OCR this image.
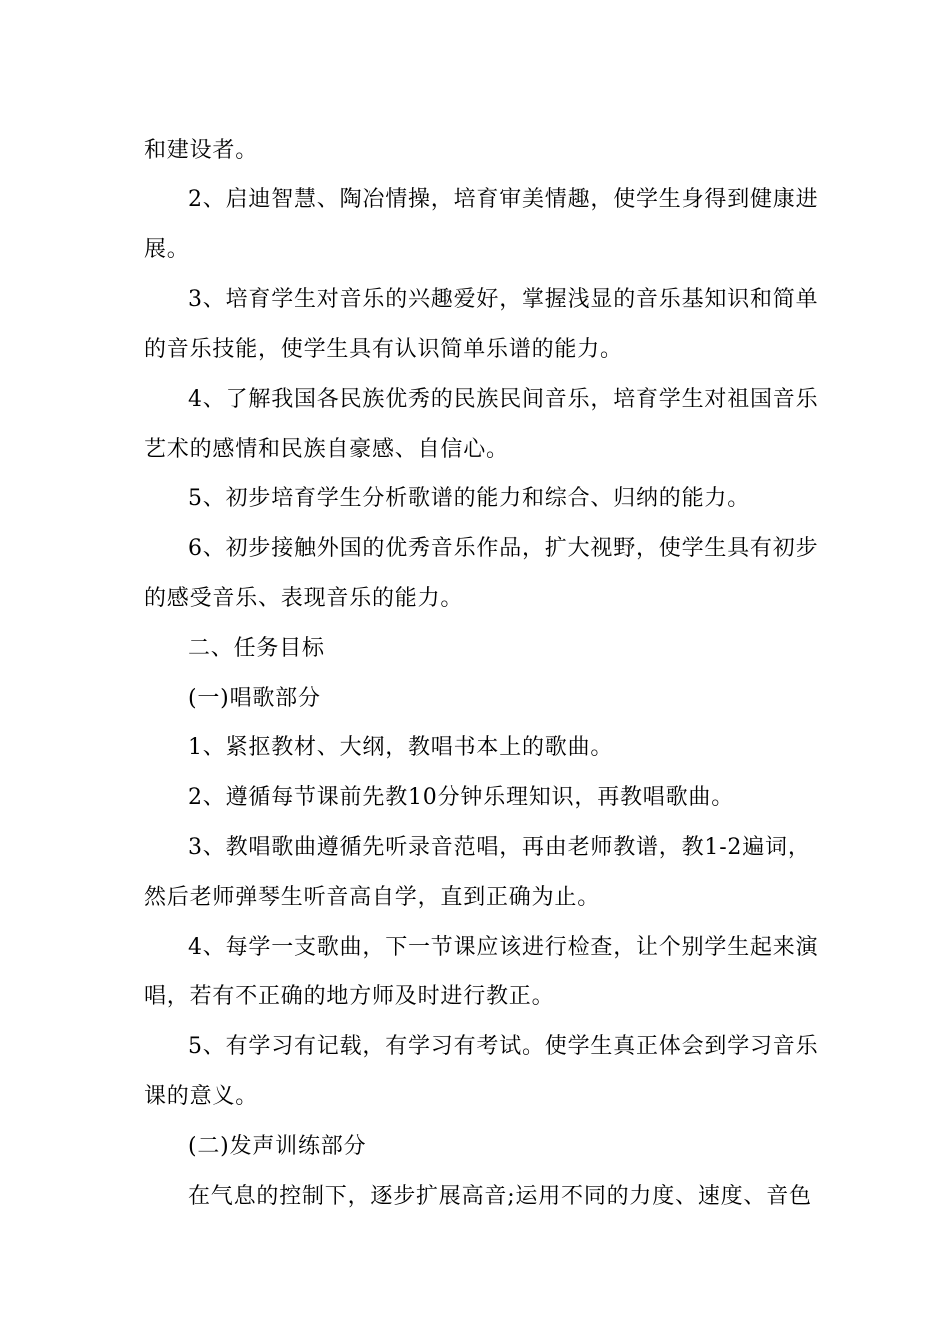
和建设者。
2、启迪智慧、陶冶情操，培育审美情趣，使学生身得到健康进
展。
3、培育学生对音乐的兴趣爱好，掌握浅显的音乐基知识和简单
的音乐技能，使学生具有认识简单乐谱的能力。
4、了解我国各民族优秀的民族民间音乐，培育学生对祖国音乐
艺术的感情和民族自豪感、自信心。
5、初步培育学生分析歌谱的能力和综合、归纳的能力。
6、初步接触外国的优秀音乐作品，扩大视野，使学生具有初步
的感受音乐、表现音乐的能力。
二、任务目标
(一)唱歌部分
1、紧抠教材、大纲，教唱书本上的歌曲。
2、遵循每节课前先教10分钟乐理知识，再教唱歌曲。
3、教唱歌曲遵循先听录音范唱，再由老师教谱，教1-2遍词，
然后老师弹琴生听音高自学，直到正确为止。
4、每学一支歌曲，下一节课应该进行检查，让个别学生起来演
唱，若有不正确的地方师及时进行教正。
5、有学习有记载，有学习有考试。使学生真正体会到学习音乐
课的意义。
(二)发声训练部分
在气息的控制下，逐步扩展高音;运用不同的力度、速度、音色
